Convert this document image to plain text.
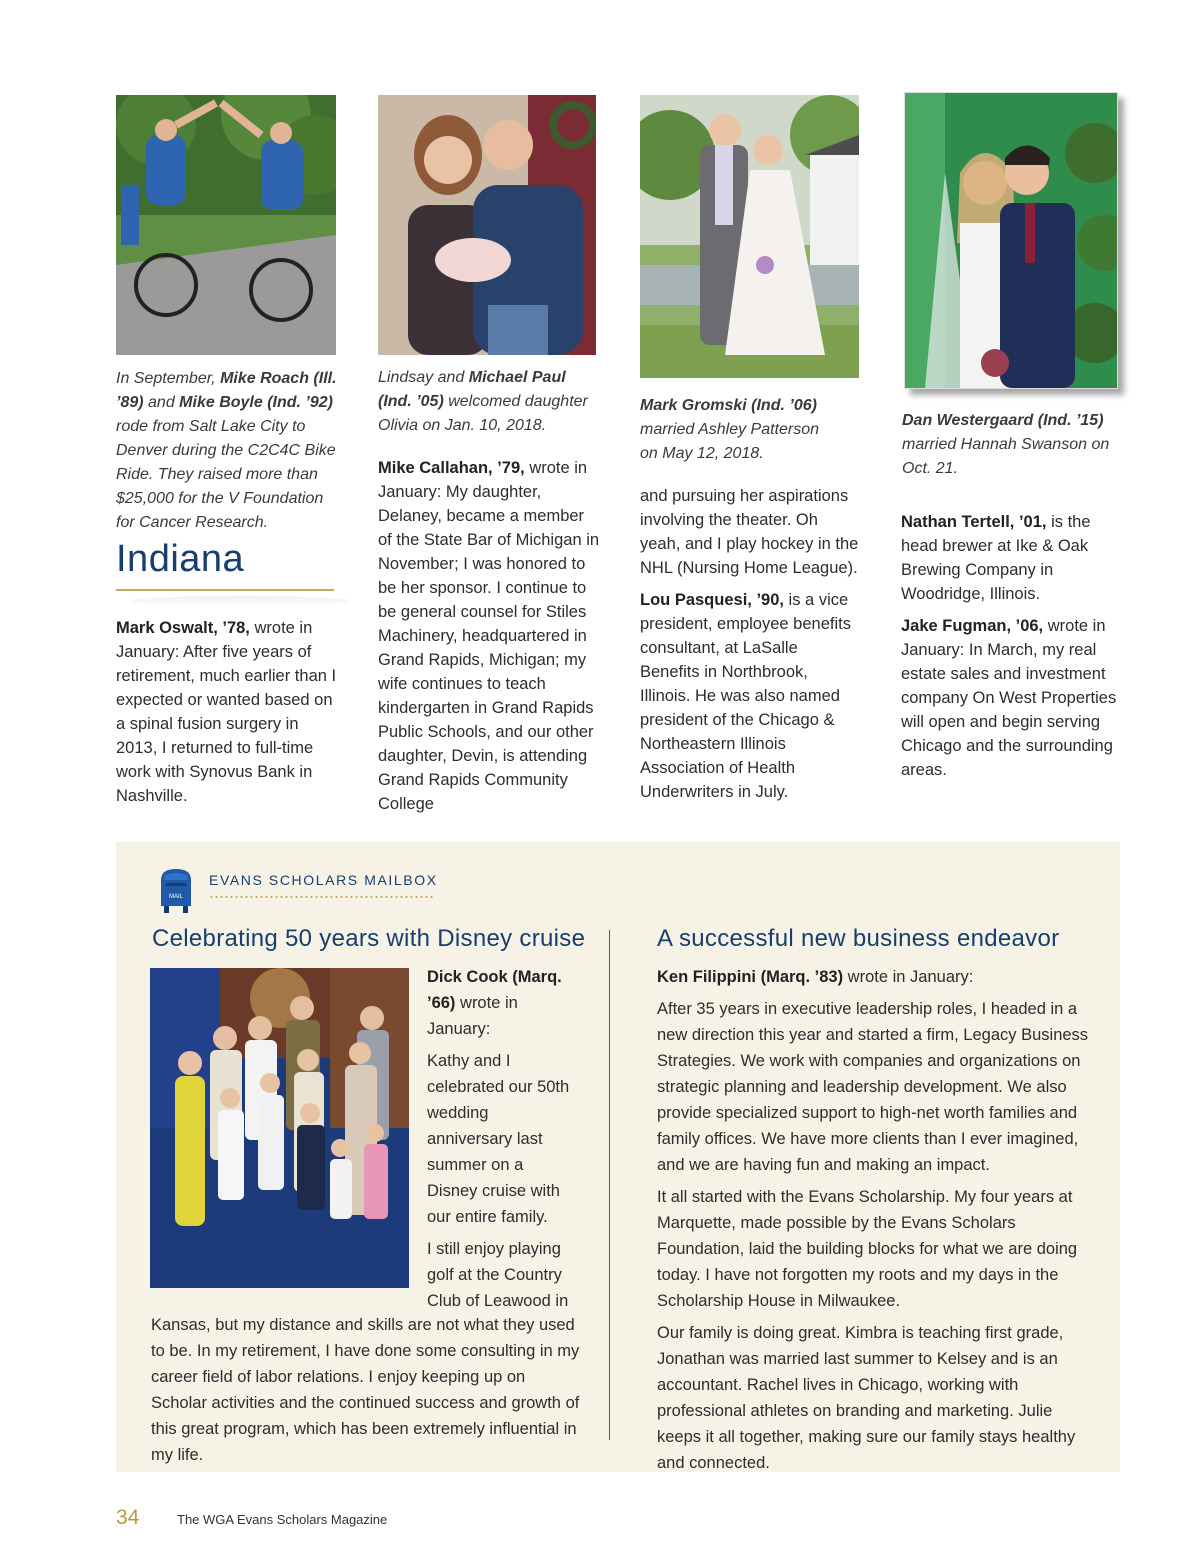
In September, Mike Roach (Ill. ’89) and Mike Boyle (Ind. ’92) rode from Salt Lake City to Denver during the C2C4C Bike Ride. They raised more than $25,000 for the V Foundation for Cancer Research.
Lindsay and Michael Paul (Ind. ’05) welcomed daughter Olivia on Jan. 10, 2018.
Mark Gromski (Ind. ’06) married Ashley Patterson on May 12, 2018.
Dan Westergaard (Ind. ’15) married Hannah Swanson on Oct. 21.
Indiana

Mark Oswalt, ’78, wrote in January: After five years of retirement, much earlier than I expected or wanted based on a spinal fusion surgery in 2013, I returned to full-time work with Synovus Bank in Nashville.

Mike Callahan, ’79, wrote in January: My daughter, Delaney, became a member of the State Bar of Michigan in November; I was honored to be her sponsor. I continue to be general counsel for Stiles Machinery, headquartered in Grand Rapids, Michigan; my wife continues to teach kindergarten in Grand Rapids Public Schools, and our other daughter, Devin, is attending Grand Rapids Community College

and pursuing her aspirations involving the theater. Oh yeah, and I play hockey in the NHL (Nursing Home League).

Lou Pasquesi, ’90, is a vice president, employee benefits consultant, at LaSalle Benefits in Northbrook, Illinois. He was also named president of the Chicago & Northeastern Illinois Association of Health Underwriters in July.

Nathan Tertell, ’01, is the head brewer at Ike & Oak Brewing Company in Woodridge, Illinois.

Jake Fugman, ’06, wrote in January: In March, my real estate sales and investment company On West Properties will open and begin serving Chicago and the surrounding areas.

MAIL
EVANS SCHOLARS MAILBOX
Celebrating 50 years with Disney cruise	A successful new business endeavor

Dick Cook (Marq. ’66) wrote in January:

Kathy and I celebrated our 50th wedding anniversary last summer on a Disney cruise with our entire family.

I still enjoy playing golf at the Country Club of Leawood in

Kansas, but my distance and skills are not what they used to be. In my retirement, I have done some consulting in my career field of labor relations. I enjoy keeping up on Scholar activities and the continued success and growth of this great program, which has been extremely influential in my life.

Ken Filippini (Marq. ’83) wrote in January:

After 35 years in executive leadership roles, I headed in a new direction this year and started a firm, Legacy Business Strategies. We work with companies and organizations on strategic planning and leadership development. We also provide specialized support to high-net worth families and family offices. We have more clients than I ever imagined, and we are having fun and making an impact.

It all started with the Evans Scholarship. My four years at Marquette, made possible by the Evans Scholars Foundation, laid the building blocks for what we are doing today. I have not forgotten my roots and my days in the Scholarship House in Milwaukee.

Our family is doing great. Kimbra is teaching first grade, Jonathan was married last summer to Kelsey and is an accountant. Rachel lives in Chicago, working with professional athletes on branding and marketing. Julie keeps it all together, making sure our family stays healthy and connected.

34	The WGA Evans Scholars Magazine
